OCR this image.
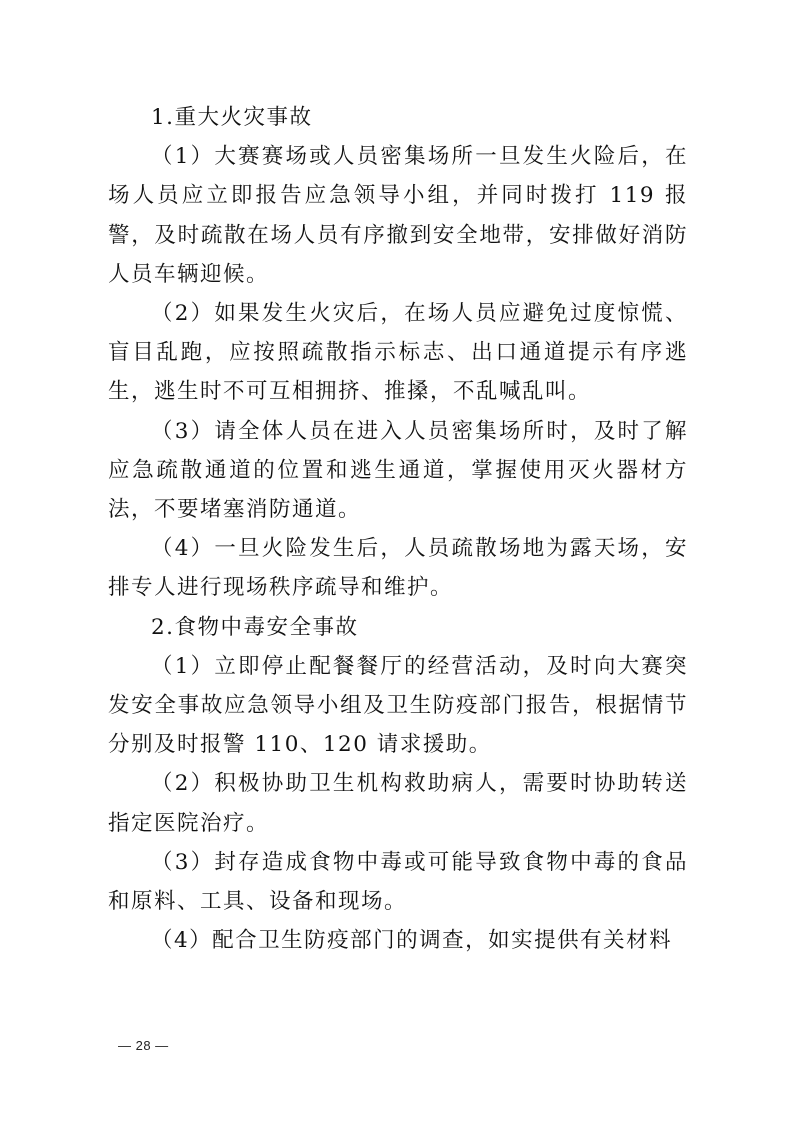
1.重大火灾事故

（1）大赛赛场或人员密集场所一旦发生火险后，在场人员应立即报告应急领导小组，并同时拨打 119 报警，及时疏散在场人员有序撤到安全地带，安排做好消防人员车辆迎候。

（2）如果发生火灾后，在场人员应避免过度惊慌、盲目乱跑，应按照疏散指示标志、出口通道提示有序逃生，逃生时不可互相拥挤、推搡，不乱喊乱叫。

（3）请全体人员在进入人员密集场所时，及时了解应急疏散通道的位置和逃生通道，掌握使用灭火器材方法，不要堵塞消防通道。

（4）一旦火险发生后，人员疏散场地为露天场，安排专人进行现场秩序疏导和维护。

2.食物中毒安全事故

（1）立即停止配餐餐厅的经营活动，及时向大赛突发安全事故应急领导小组及卫生防疫部门报告，根据情节分别及时报警 110、120 请求援助。

（2）积极协助卫生机构救助病人，需要时协助转送指定医院治疗。

（3）封存造成食物中毒或可能导致食物中毒的食品和原料、工具、设备和现场。

（4）配合卫生防疫部门的调查，如实提供有关材料

— 28 —
